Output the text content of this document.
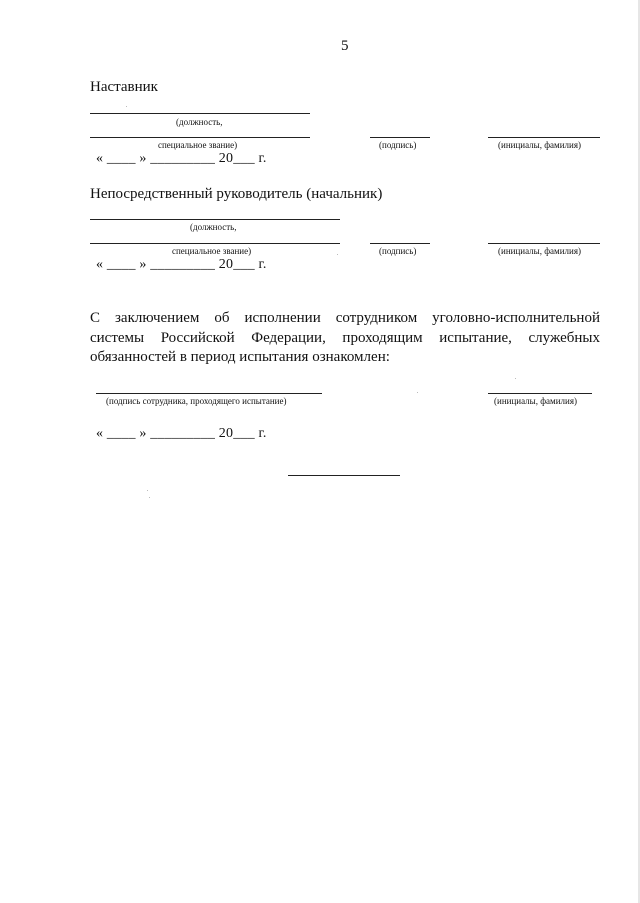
5
Наставник
(должность,
специальное звание)	(подпись)	(инициалы, фамилия)
« ____ » _________ 20___ г.
Непосредственный руководитель (начальник)
(должность,
специальное звание)	(подпись)	(инициалы, фамилия)
« ____ » _________ 20___ г.
С заключением об исполнении сотрудником уголовно-исполнительной системы Российской Федерации, проходящим испытание, служебных обязанностей в период испытания ознакомлен:
(подпись сотрудника, проходящего испытание)	(инициалы, фамилия)
« ____ » _________ 20___ г.
